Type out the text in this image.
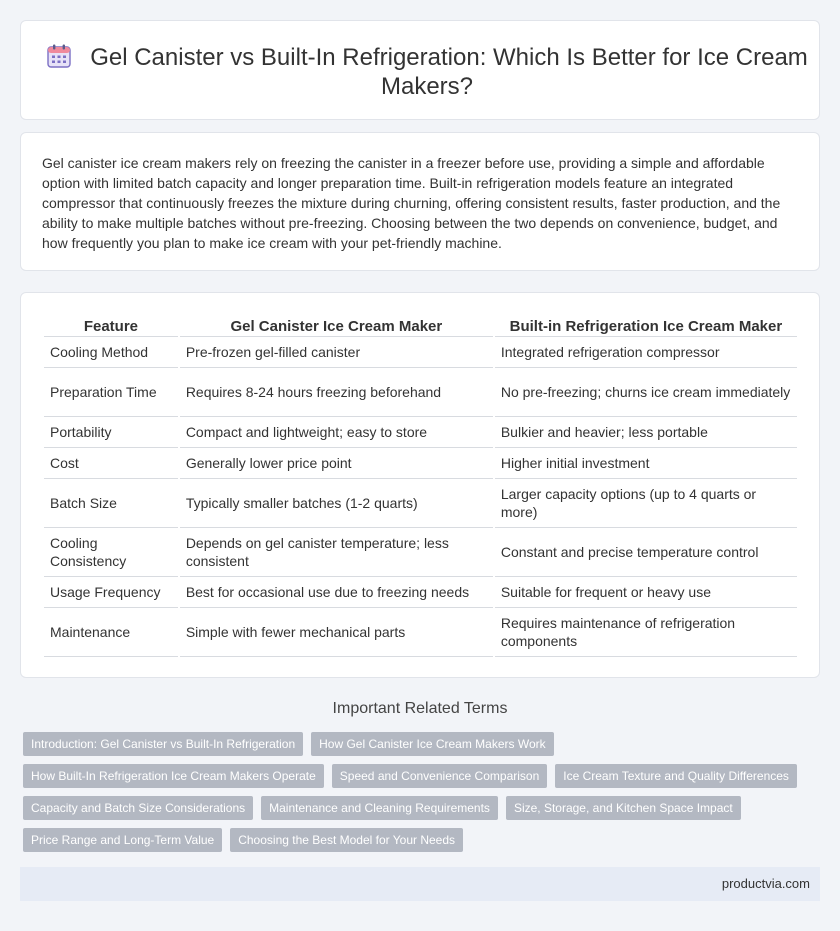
Gel Canister vs Built-In Refrigeration: Which Is Better for Ice Cream Makers?

Gel canister ice cream makers rely on freezing the canister in a freezer before use, providing a simple and affordable option with limited batch capacity and longer preparation time. Built-in refrigeration models feature an integrated compressor that continuously freezes the mixture during churning, offering consistent results, faster production, and the ability to make multiple batches without pre-freezing. Choosing between the two depends on convenience, budget, and how frequently you plan to make ice cream with your pet-friendly machine.

Feature	Gel Canister Ice Cream Maker	Built-in Refrigeration Ice Cream Maker
Cooling Method	Pre-frozen gel-filled canister	Integrated refrigeration compressor
Preparation Time	Requires 8-24 hours freezing beforehand	No pre-freezing; churns ice cream immediately
Portability	Compact and lightweight; easy to store	Bulkier and heavier; less portable
Cost	Generally lower price point	Higher initial investment
Batch Size	Typically smaller batches (1-2 quarts)	Larger capacity options (up to 4 quarts or more)
Cooling Consistency	Depends on gel canister temperature; less consistent	Constant and precise temperature control
Usage Frequency	Best for occasional use due to freezing needs	Suitable for frequent or heavy use
Maintenance	Simple with fewer mechanical parts	Requires maintenance of refrigeration components
Important Related Terms
Introduction: Gel Canister vs Built-In Refrigeration	How Gel Canister Ice Cream Makers Work
How Built-In Refrigeration Ice Cream Makers Operate	Speed and Convenience Comparison	Ice Cream Texture and Quality Differences
Capacity and Batch Size Considerations	Maintenance and Cleaning Requirements	Size, Storage, and Kitchen Space Impact
Price Range and Long-Term Value	Choosing the Best Model for Your Needs
productvia.com
